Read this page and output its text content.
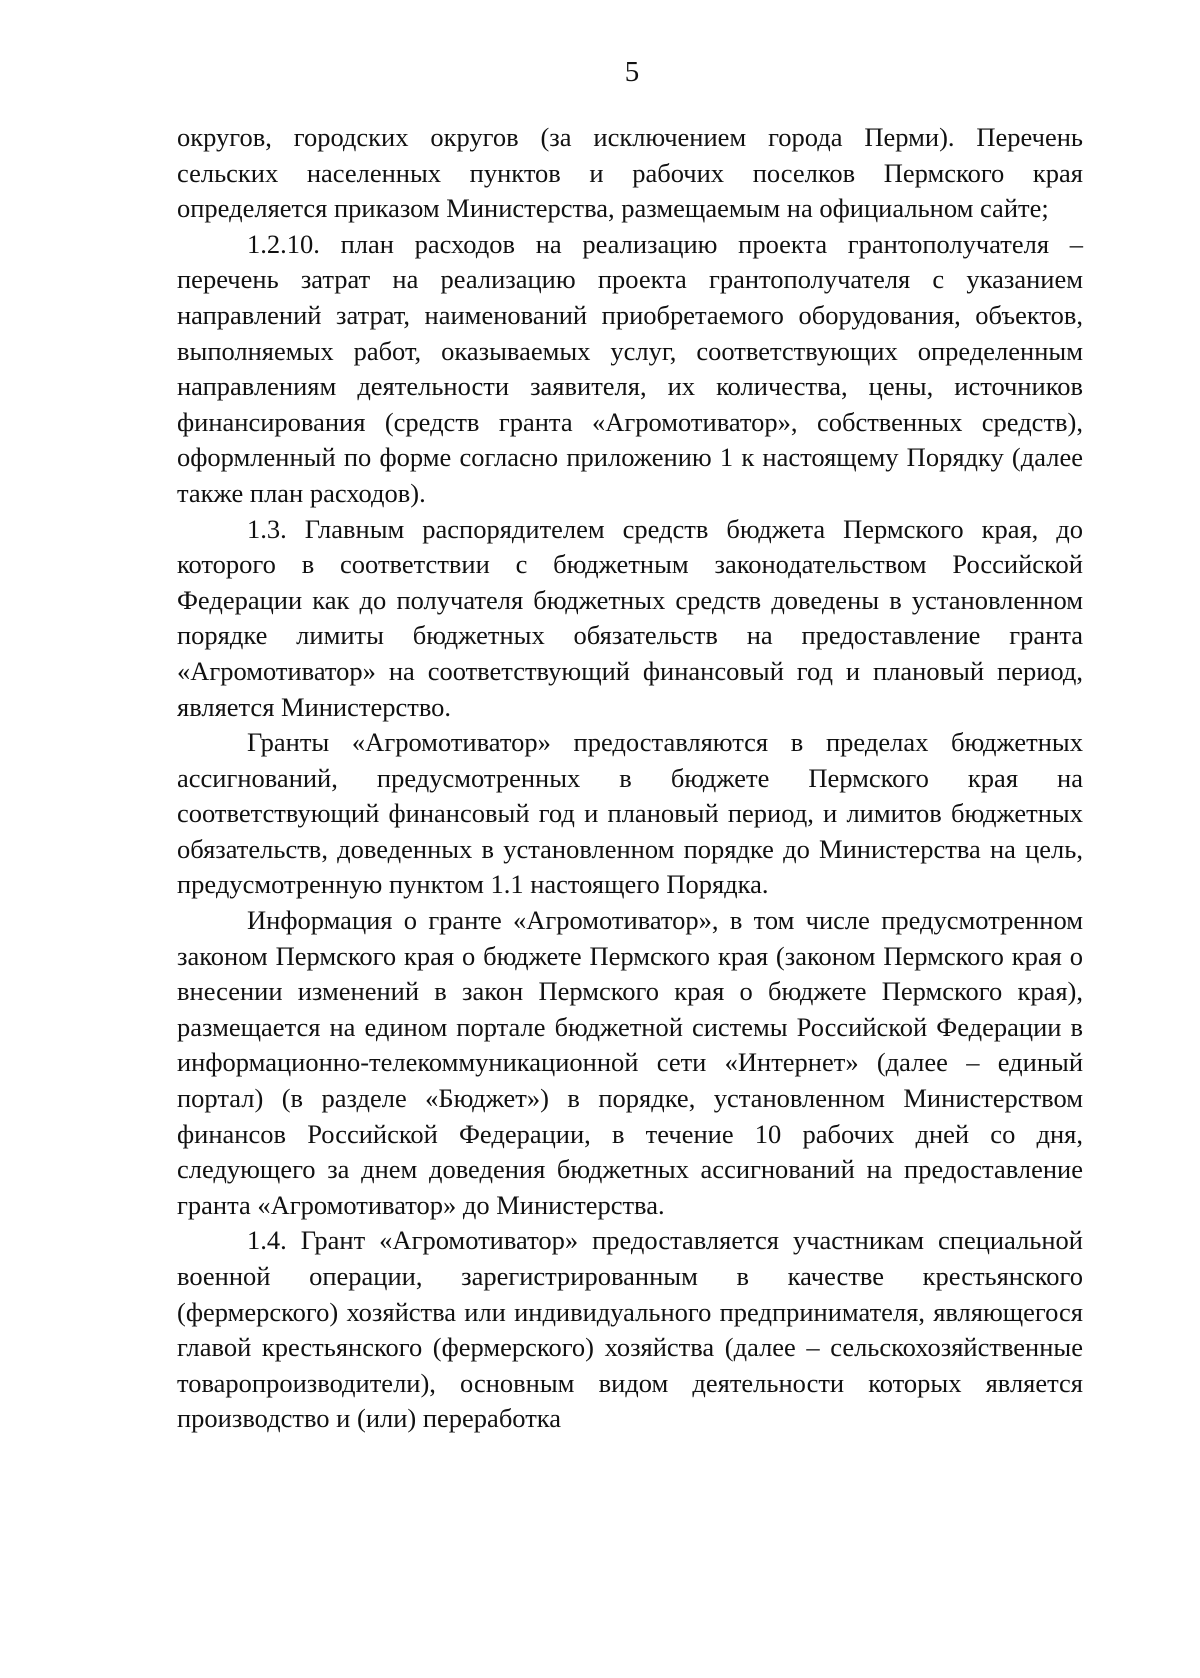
5

округов, городских округов (за исключением города Перми). Перечень сельских населенных пунктов и рабочих поселков Пермского края определяется приказом Министерства, размещаемым на официальном сайте;

1.2.10. план расходов на реализацию проекта грантополучателя – перечень затрат на реализацию проекта грантополучателя с указанием направлений затрат, наименований приобретаемого оборудования, объектов, выполняемых работ, оказываемых услуг, соответствующих определенным направлениям деятельности заявителя, их количества, цены, источников финансирования (средств гранта «Агромотиватор», собственных средств), оформленный по форме согласно приложению 1 к настоящему Порядку (далее также план расходов).

1.3. Главным распорядителем средств бюджета Пермского края, до которого в соответствии с бюджетным законодательством Российской Федерации как до получателя бюджетных средств доведены в установленном порядке лимиты бюджетных обязательств на предоставление гранта «Агромотиватор» на соответствующий финансовый год и плановый период, является Министерство.

Гранты «Агромотиватор» предоставляются в пределах бюджетных ассигнований, предусмотренных в бюджете Пермского края на соответствующий финансовый год и плановый период, и лимитов бюджетных обязательств, доведенных в установленном порядке до Министерства на цель, предусмотренную пунктом 1.1 настоящего Порядка.

Информация о гранте «Агромотиватор», в том числе предусмотренном законом Пермского края о бюджете Пермского края (законом Пермского края о внесении изменений в закон Пермского края о бюджете Пермского края), размещается на едином портале бюджетной системы Российской Федерации в информационно-телекоммуникационной сети «Интернет» (далее – единый портал) (в разделе «Бюджет») в порядке, установленном Министерством финансов Российской Федерации, в течение 10 рабочих дней со дня, следующего за днем доведения бюджетных ассигнований на предоставление гранта «Агромотиватор» до Министерства.

1.4. Грант «Агромотиватор» предоставляется участникам специальной военной операции, зарегистрированным в качестве крестьянского (фермерского) хозяйства или индивидуального предпринимателя, являющегося главой крестьянского (фермерского) хозяйства (далее – сельскохозяйственные товаропроизводители), основным видом деятельности которых является производство и (или) переработка
